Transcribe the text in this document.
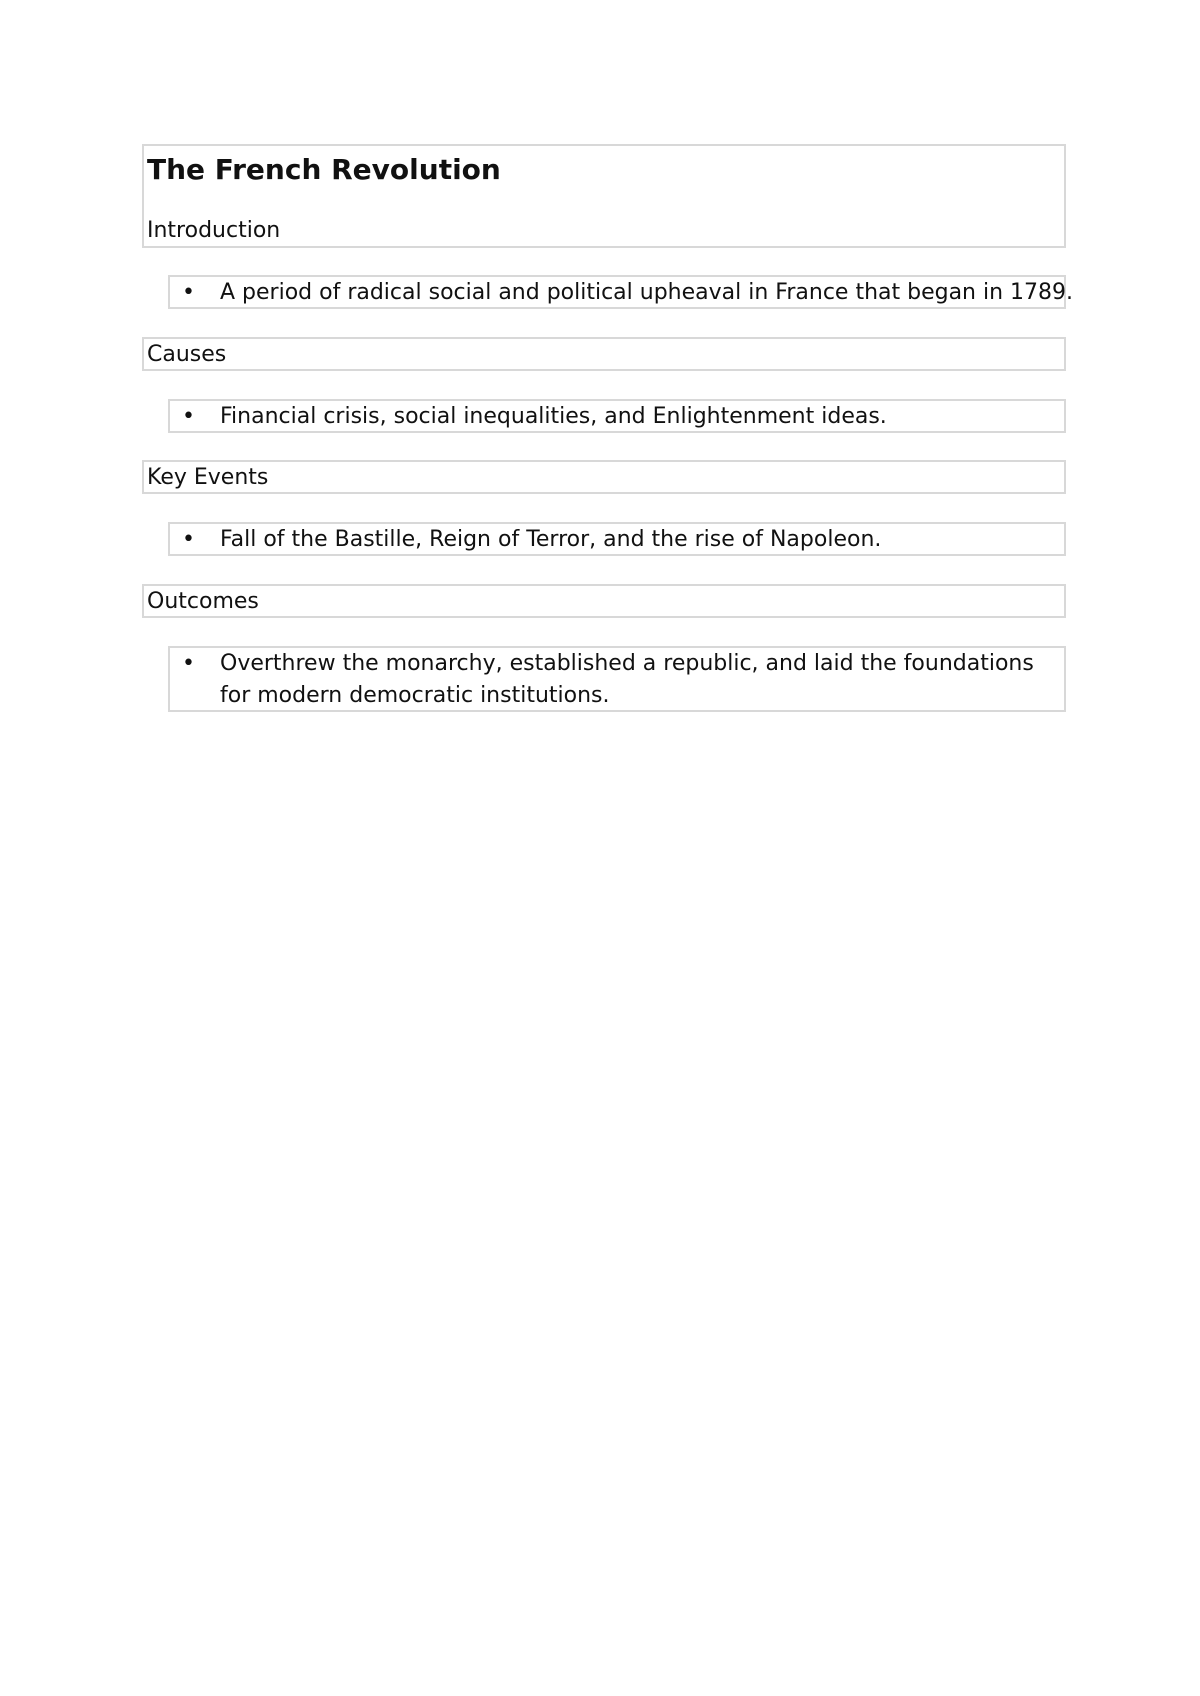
The French Revolution
Introduction
• A period of radical social and political upheaval in France that began in 1789.
Causes
• Financial crisis, social inequalities, and Enlightenment ideas.
Key Events
• Fall of the Bastille, Reign of Terror, and the rise of Napoleon.
Outcomes
• Overthrew the monarchy, established a republic, and laid the foundations for modern democratic institutions.
